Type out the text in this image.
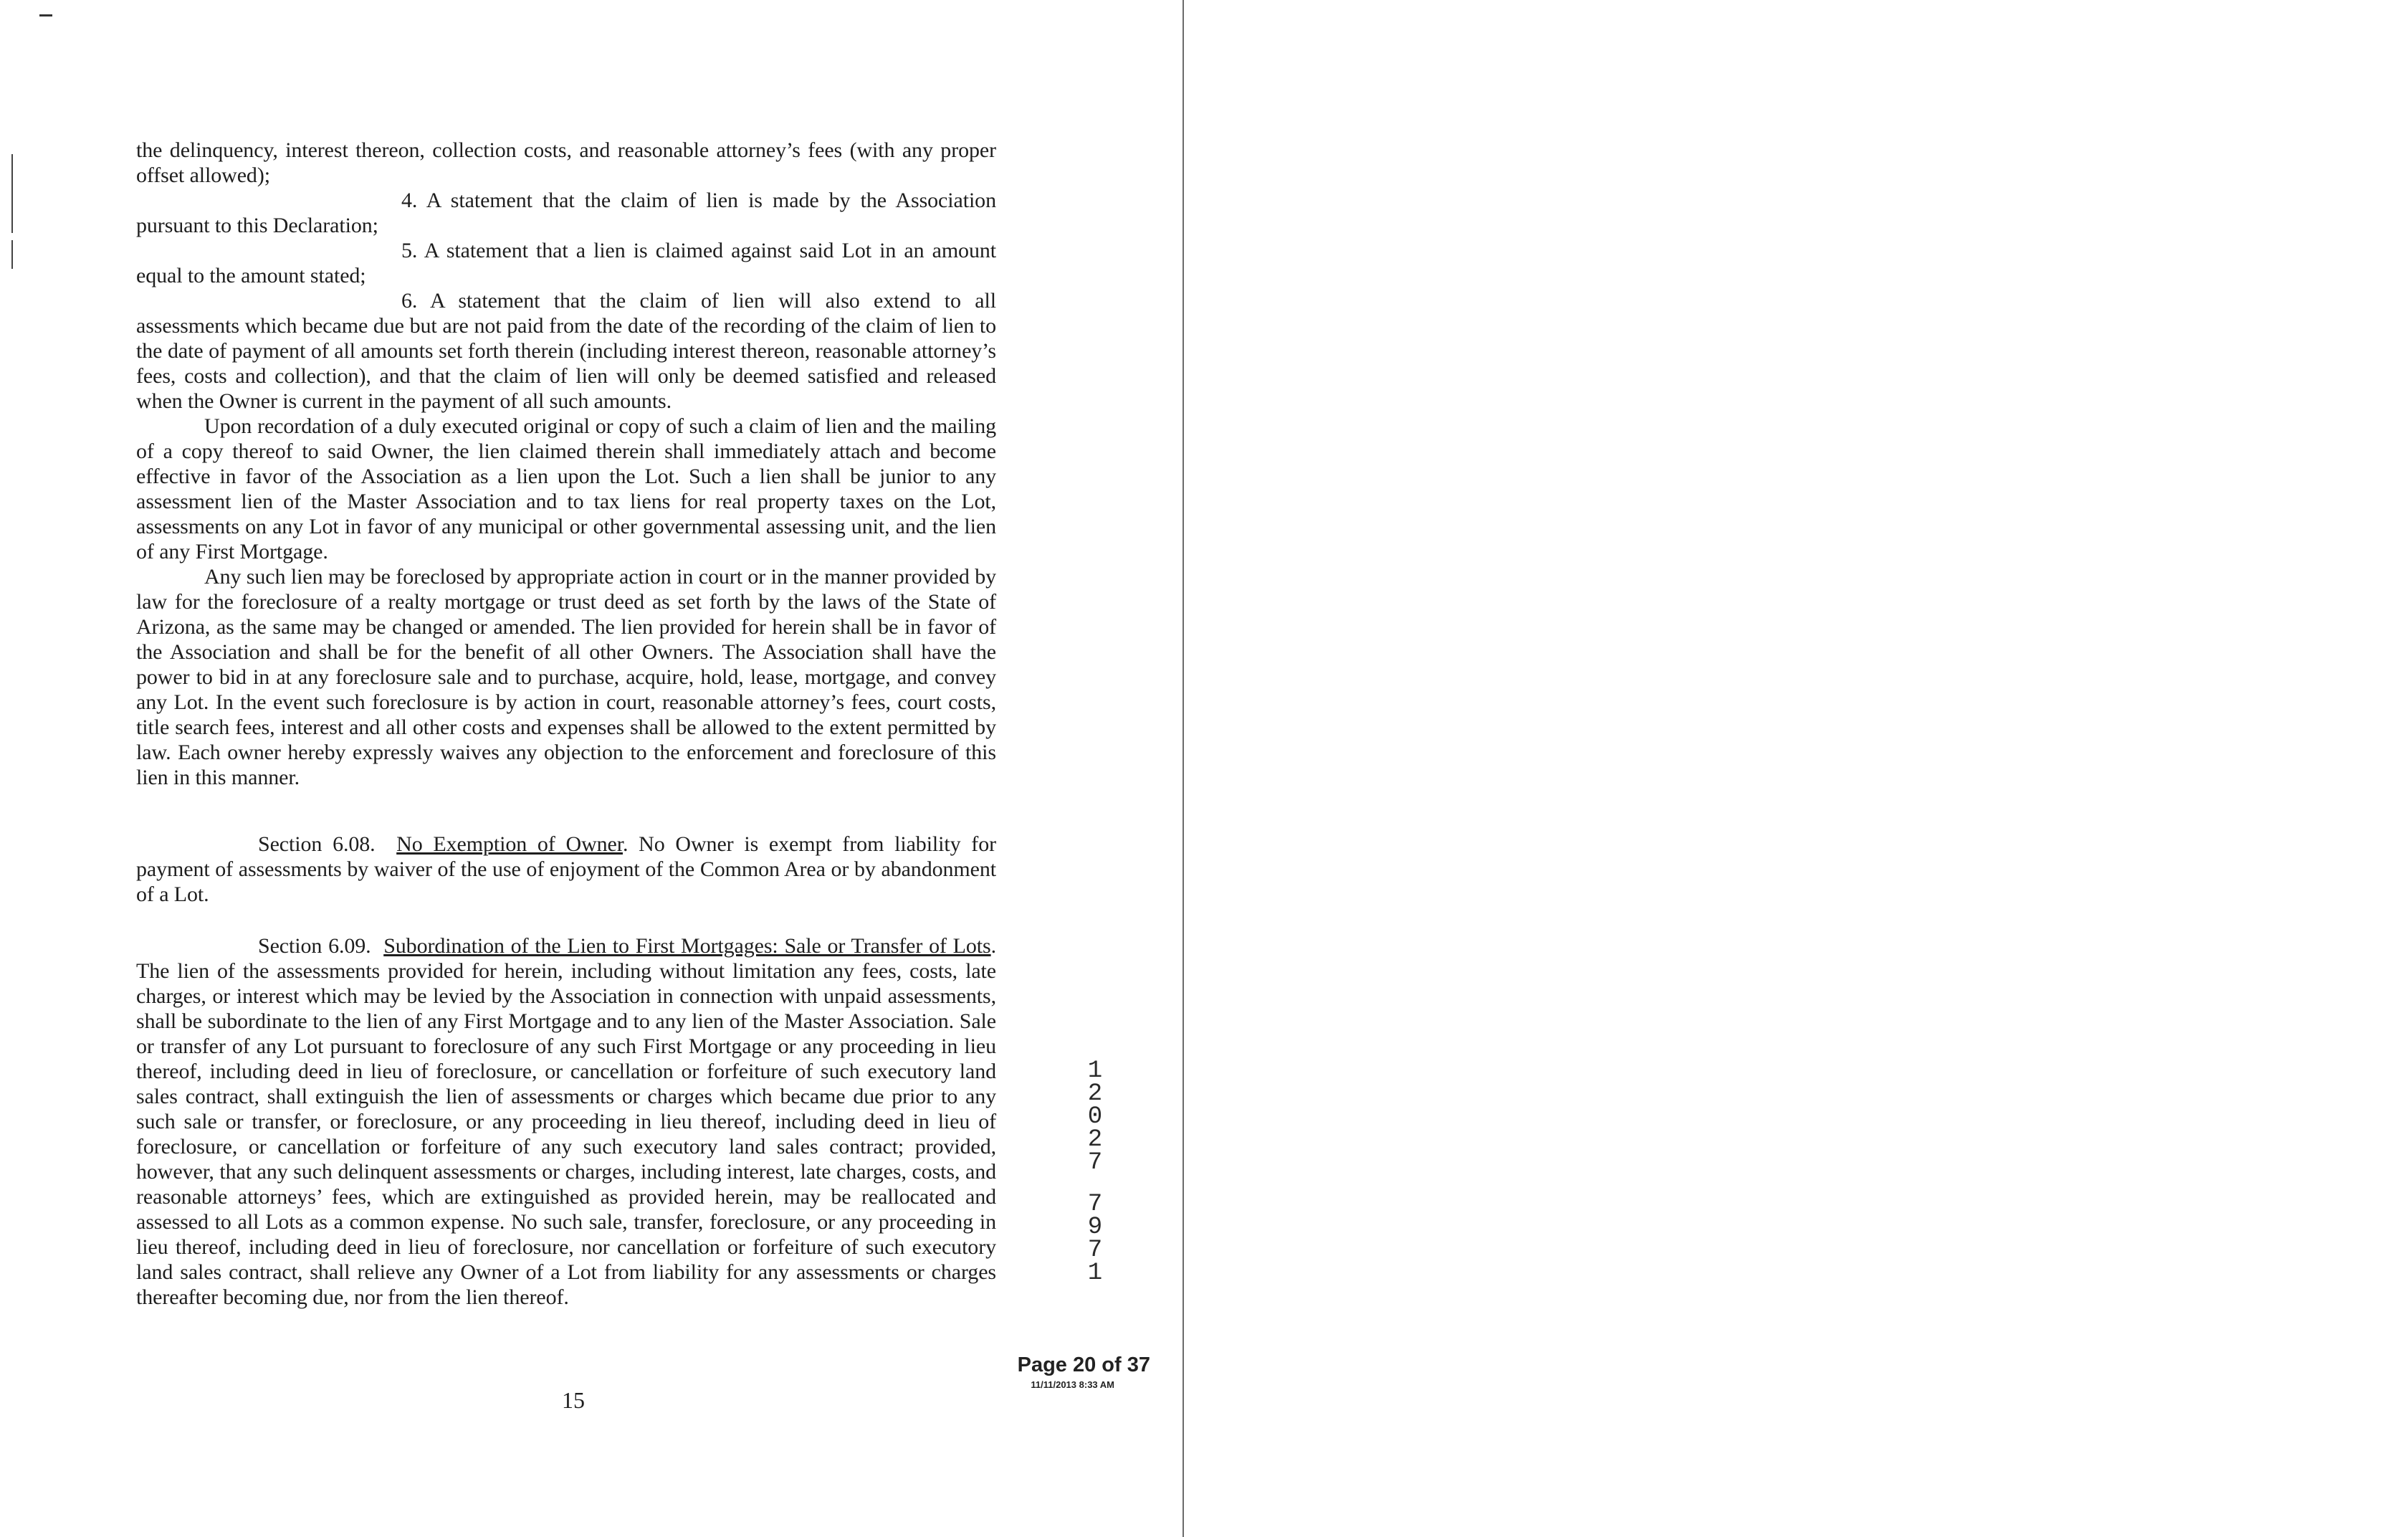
the delinquency, interest thereon, collection costs, and reasonable attorney’s fees (with any proper offset allowed);

4. A statement that the claim of lien is made by the Association pursuant to this Declaration;

5. A statement that a lien is claimed against said Lot in an amount equal to the amount stated;

6. A statement that the claim of lien will also extend to all assessments which became due but are not paid from the date of the recording of the claim of lien to the date of payment of all amounts set forth therein (including interest thereon, reasonable attorney’s fees, costs and collection), and that the claim of lien will only be deemed satisfied and released when the Owner is current in the payment of all such amounts.

Upon recordation of a duly executed original or copy of such a claim of lien and the mailing of a copy thereof to said Owner, the lien claimed therein shall immediately attach and become effective in favor of the Association as a lien upon the Lot. Such a lien shall be junior to any assessment lien of the Master Association and to tax liens for real property taxes on the Lot, assessments on any Lot in favor of any municipal or other governmental assessing unit, and the lien of any First Mortgage.

Any such lien may be foreclosed by appropriate action in court or in the manner provided by law for the foreclosure of a realty mortgage or trust deed as set forth by the laws of the State of Arizona, as the same may be changed or amended. The lien provided for herein shall be in favor of the Association and shall be for the benefit of all other Owners. The Association shall have the power to bid in at any foreclosure sale and to purchase, acquire, hold, lease, mortgage, and convey any Lot. In the event such foreclosure is by action in court, reasonable attorney’s fees, court costs, title search fees, interest and all other costs and expenses shall be allowed to the extent permitted by law. Each owner hereby expressly waives any objection to the enforcement and foreclosure of this lien in this manner.

Section 6.08. No Exemption of Owner. No Owner is exempt from liability for payment of assessments by waiver of the use of enjoyment of the Common Area or by abandonment of a Lot.

Section 6.09. Subordination of the Lien to First Mortgages: Sale or Transfer of Lots. The lien of the assessments provided for herein, including without limitation any fees, costs, late charges, or interest which may be levied by the Association in connection with unpaid assessments, shall be subordinate to the lien of any First Mortgage and to any lien of the Master Association. Sale or transfer of any Lot pursuant to foreclosure of any such First Mortgage or any proceeding in lieu thereof, including deed in lieu of foreclosure, or cancellation or forfeiture of such executory land sales contract, shall extinguish the lien of assessments or charges which became due prior to any such sale or transfer, or foreclosure, or any proceeding in lieu thereof, including deed in lieu of foreclosure, or cancellation or forfeiture of any such executory land sales contract; provided, however, that any such delinquent assessments or charges, including interest, late charges, costs, and reasonable attorneys’ fees, which are extinguished as provided herein, may be reallocated and assessed to all Lots as a common expense. No such sale, transfer, foreclosure, or any proceeding in lieu thereof, including deed in lieu of foreclosure, nor cancellation or forfeiture of such executory land sales contract, shall relieve any Owner of a Lot from liability for any assessments or charges thereafter becoming due, nor from the lien thereof.

1
2
0
2
7
7
9
7
1
Page 20 of 37
11/11/2013 8:33 AM
15
